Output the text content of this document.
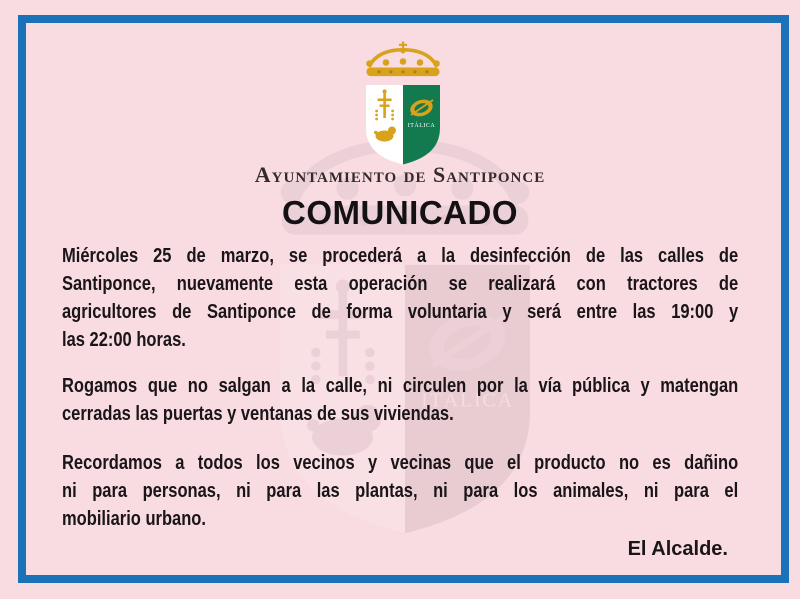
Ayuntamiento de Santiponce
COMUNICADO
Miércoles 25 de marzo, se procederá a la desinfección de las calles de
Santiponce, nuevamente esta operación se realizará con tractores de
agricultores de Santiponce de forma voluntaria y será entre las 19:00 y
las 22:00 horas.
Rogamos que no salgan a la calle, ni circulen por la vía pública y matengan
cerradas las puertas y ventanas de sus viviendas.
Recordamos a todos los vecinos y vecinas que el producto no es dañino
ni para personas, ni para las plantas, ni para los animales, ni para el
mobiliario urbano.
El Alcalde.
